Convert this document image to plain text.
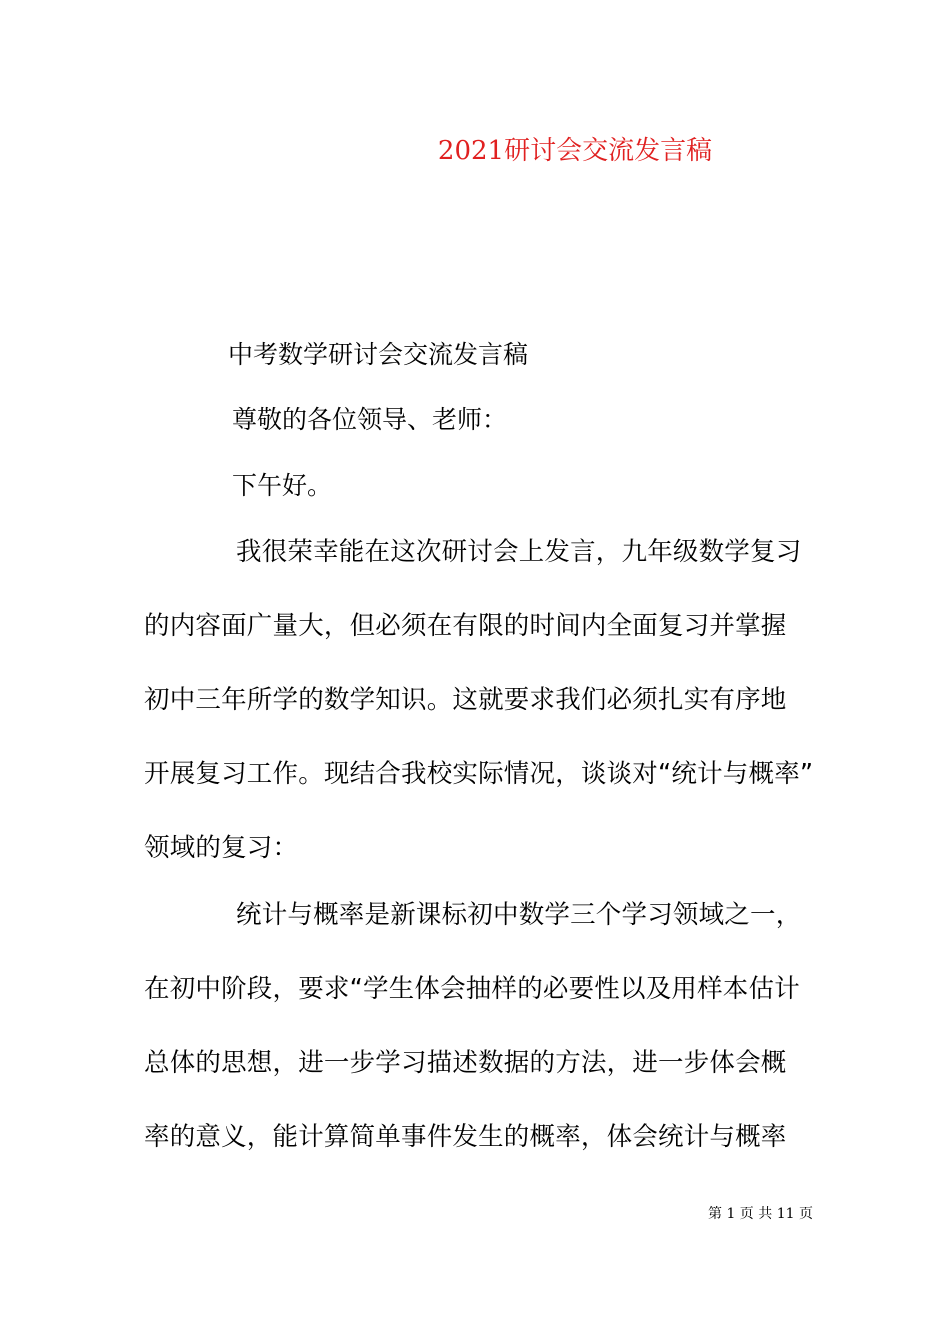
2021研讨会交流发言稿
中考数学研讨会交流发言稿
尊敬的各位领导、老师：
下午好。
我很荣幸能在这次研讨会上发言，九年级数学复习
的内容面广量大，但必须在有限的时间内全面复习并掌握
初中三年所学的数学知识。这就要求我们必须扎实有序地
开展复习工作。现结合我校实际情况，谈谈对“统计与概率”
领域的复习：
统计与概率是新课标初中数学三个学习领域之一，
在初中阶段，要求“学生体会抽样的必要性以及用样本估计
总体的思想，进一步学习描述数据的方法，进一步体会概
率的意义，能计算简单事件发生的概率，体会统计与概率
第 1 页 共 11 页
